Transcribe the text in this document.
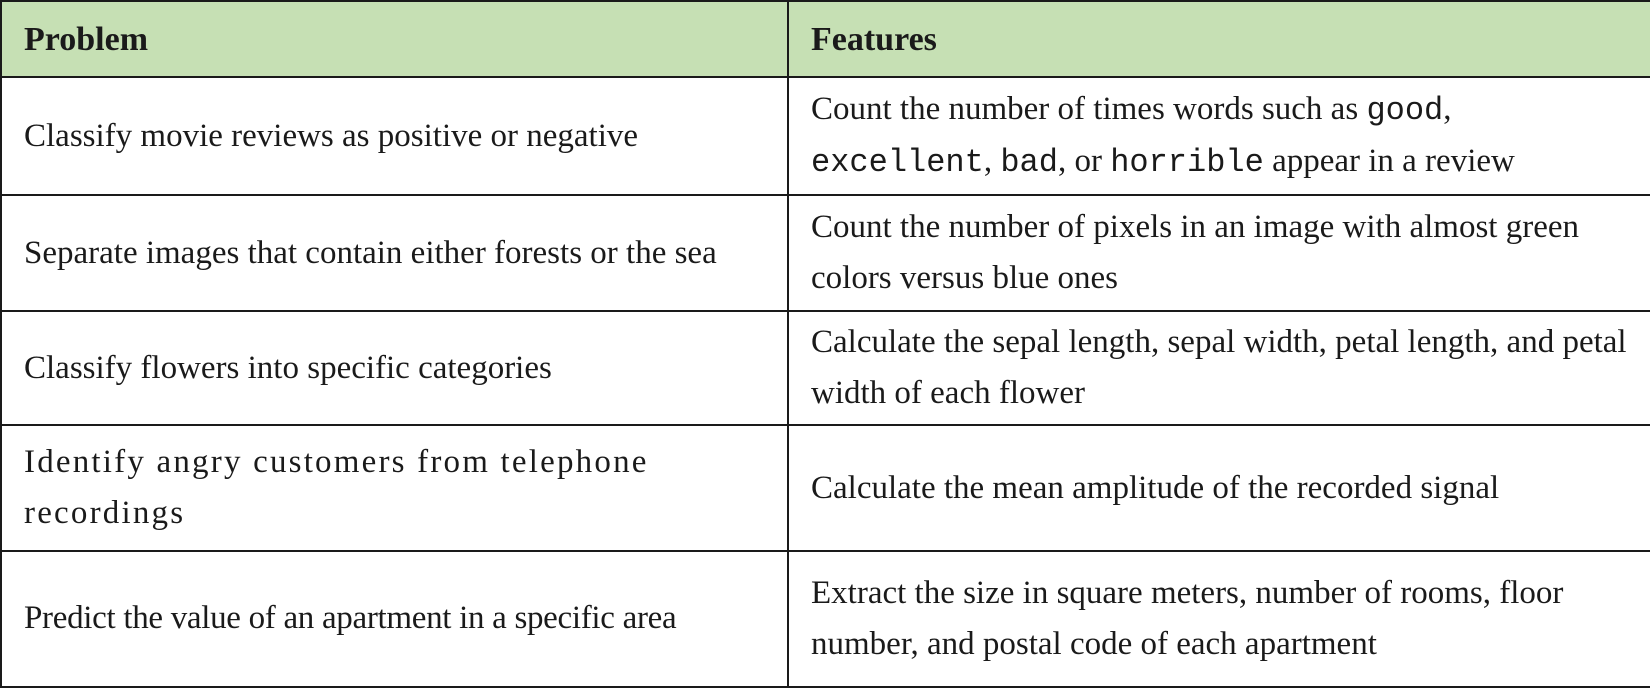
Problem	Features
Classify movie reviews as positive or negative	Count the number of times words such as good, excellent, bad, or horrible appear in a review
Separate images that contain either forests or the sea	Count the number of pixels in an image with almost green colors versus blue ones
Classify flowers into specific categories	Calculate the sepal length, sepal width, petal length, and petal width of each flower
Identify angry customers from telephone recordings	Calculate the mean amplitude of the recorded signal
Predict the value of an apartment in a specific area	Extract the size in square meters, number of rooms, floor number, and postal code of each apartment
